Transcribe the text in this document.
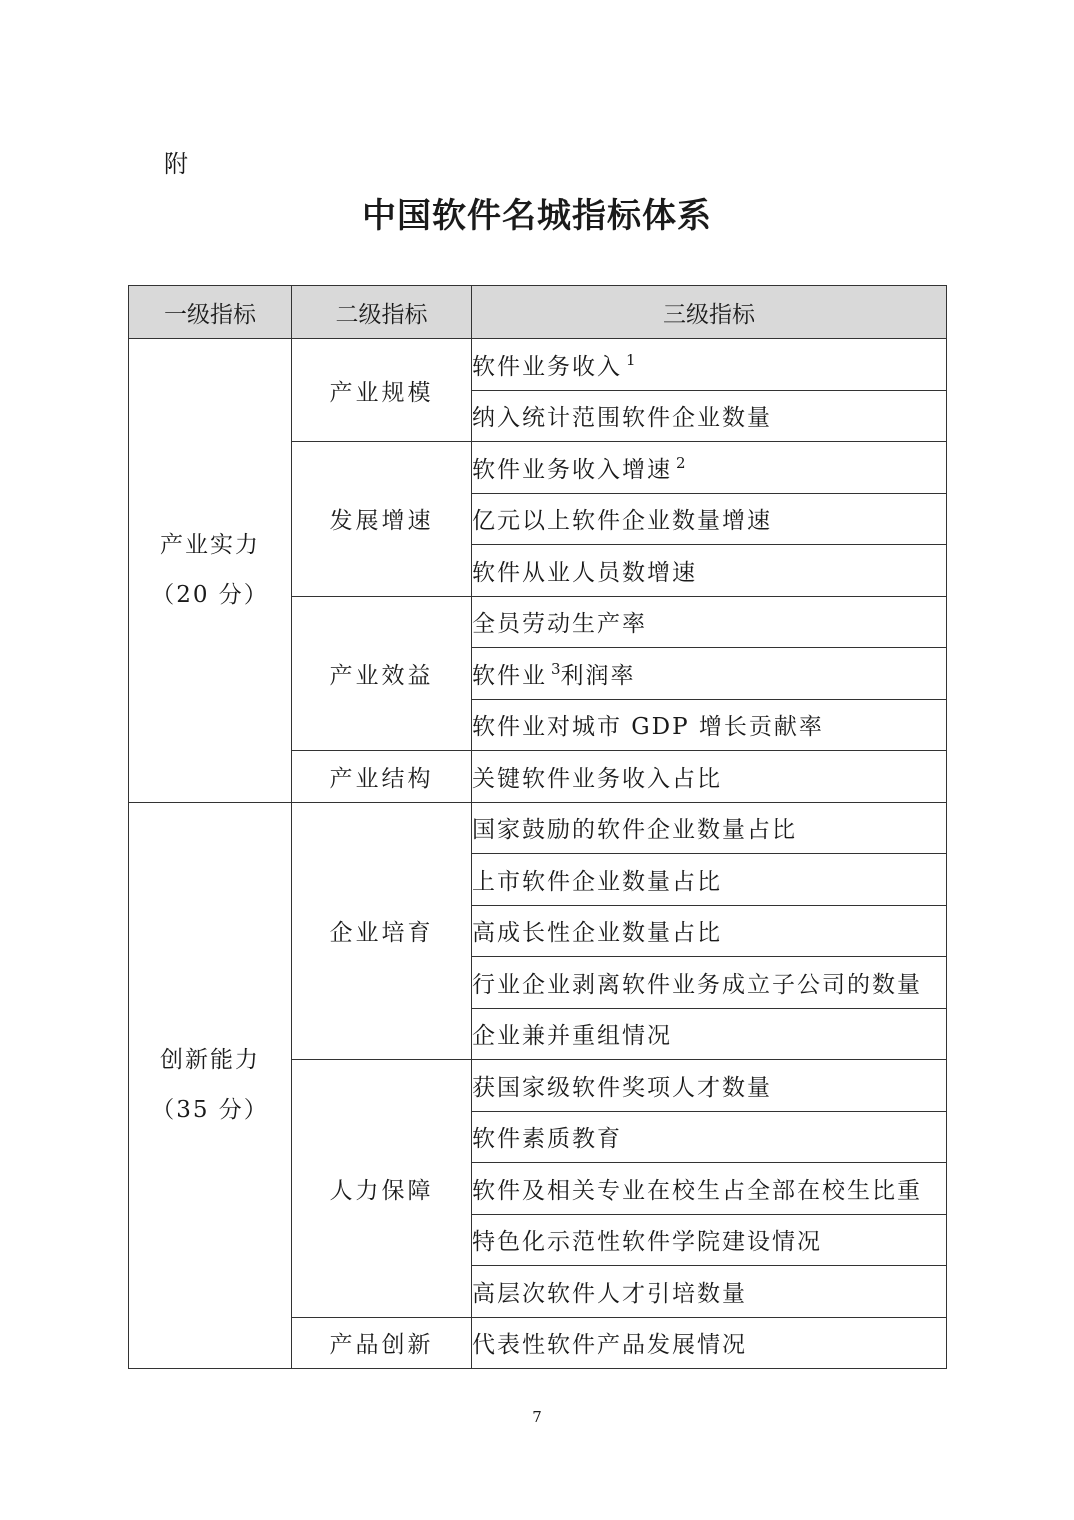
附
中国软件名城指标体系
一级指标	二级指标	三级指标

产业实力
（20 分）	产业规模	软件业务收入 $^1$
		纳入统计范围软件企业数量
	发展增速	软件业务收入增速 $^2$
		亿元以上软件企业数量增速
		软件从业人员数增速
	产业效益	全员劳动生产率
		软件业 $^3$利润率
		软件业对城市 GDP 增长贡献率
	产业结构	关键软件业务收入占比

创新能力
（35 分）	企业培育	国家鼓励的软件企业数量占比
		上市软件企业数量占比
		高成长性企业数量占比
		行业企业剥离软件业务成立子公司的数量
		企业兼并重组情况
	人力保障	获国家级软件奖项人才数量
		软件素质教育
		软件及相关专业在校生占全部在校生比重
		特色化示范性软件学院建设情况
		高层次软件人才引培数量
	产品创新	代表性软件产品发展情况
7
